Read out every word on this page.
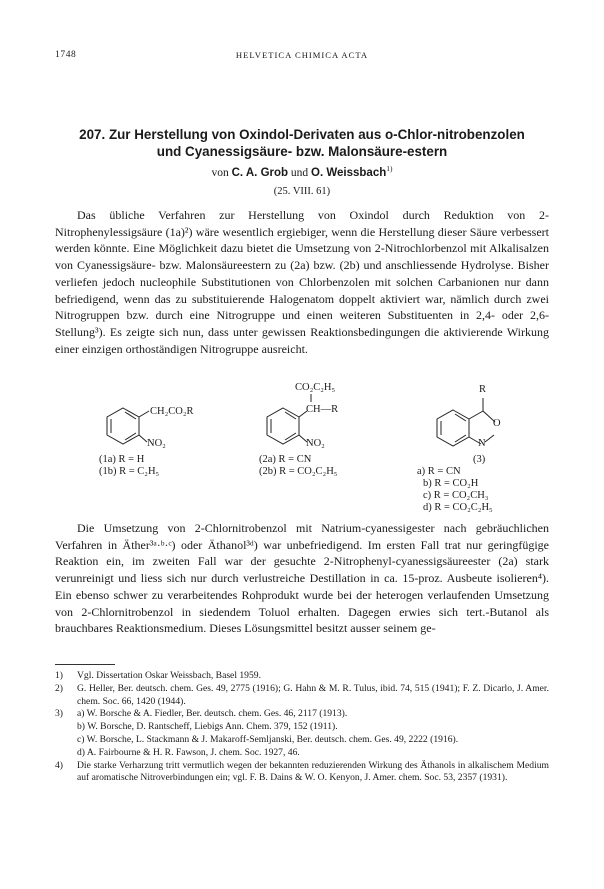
1748	HELVETICA CHIMICA ACTA
207. Zur Herstellung von Oxindol-Derivaten aus o-Chlor-nitrobenzolen
und Cyanessigsäure- bzw. Malonsäure-estern
von C. A. Grob und O. Weissbach$^{1)}$
(25. VIII. 61)
Das übliche Verfahren zur Herstellung von Oxindol durch Reduktion von 2-Nitrophenylessigsäure (1a)²) wäre wesentlich ergiebiger, wenn die Herstellung dieser Säure verbessert werden könnte. Eine Möglichkeit dazu bietet die Umsetzung von 2-Nitrochlorbenzol mit Alkalisalzen von Cyanessigsäure- bzw. Malonsäureestern zu (2a) bzw. (2b) und anschliessende Hydrolyse. Bisher verliefen jedoch nucleophile Substitutionen von Chlorbenzolen mit solchen Carbanionen nur dann befriedigend, wenn das zu substituierende Halogenatom doppelt aktiviert war, nämlich durch zwei Nitrogruppen bzw. durch eine Nitrogruppe und einen weiteren Substituenten in 2,4- oder 2,6-Stellung³). Es zeigte sich nun, dass unter gewissen Reaktionsbedingungen die aktivierende Wirkung einer einzigen orthoständigen Nitrogruppe ausreicht.
CH₂CO₂R
NO₂
(1a) R = H
(1b) R = C₂H₅
CO₂C₂H₅
CH—R
NO₂
(2a) R = CN
(2b) R = CO₂C₂H₅
R
O
N
(3)
a) R = CN
b) R = CO₂H
c) R = CO₂CH₃
d) R = CO₂C₂H₅
Die Umsetzung von 2-Chlornitrobenzol mit Natrium-cyanessigester nach gebräuchlichen Verfahren in Äther³ᵃ·ᵇ·ᶜ) oder Äthanol³ᵈ) war unbefriedigend. Im ersten Fall trat nur geringfügige Reaktion ein, im zweiten Fall war der gesuchte 2-Nitrophenyl-cyanessigsäureester (2a) stark verunreinigt und liess sich nur durch verlustreiche Destillation in ca. 15-proz. Ausbeute isolieren⁴). Ein ebenso schwer zu verarbeitendes Rohprodukt wurde bei der heterogen verlaufenden Umsetzung von 2-Chlornitrobenzol in siedendem Toluol erhalten. Dagegen erwies sich tert.-Butanol als brauchbares Reaktionsmedium. Dieses Lösungsmittel besitzt ausser seinem ge-
1)	Vgl. Dissertation Oskar Weissbach, Basel 1959.
2)	G. Heller, Ber. deutsch. chem. Ges. 49, 2775 (1916); G. Hahn & M. R. Tulus, ibid. 74, 515 (1941); F. Z. Dicarlo, J. Amer. chem. Soc. 66, 1420 (1944).
3)	a) W. Borsche & A. Fiedler, Ber. deutsch. chem. Ges. 46, 2117 (1913).
b) W. Borsche, D. Rantscheff, Liebigs Ann. Chem. 379, 152 (1911).
c) W. Borsche, L. Stackmann & J. Makaroff-Semljanski, Ber. deutsch. chem. Ges. 49, 2222 (1916).
d) A. Fairbourne & H. R. Fawson, J. chem. Soc. 1927, 46.
4)	Die starke Verharzung tritt vermutlich wegen der bekannten reduzierenden Wirkung des Äthanols in alkalischem Medium auf aromatische Nitroverbindungen ein; vgl. F. B. Dains & W. O. Kenyon, J. Amer. chem. Soc. 53, 2357 (1931).
